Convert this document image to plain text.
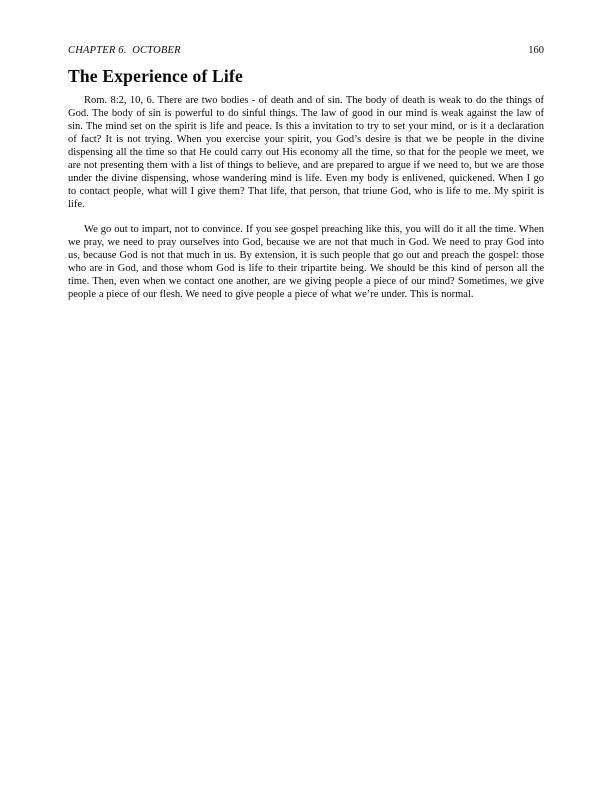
CHAPTER 6.  OCTOBER	160
The Experience of Life

Rom. 8:2, 10, 6. There are two bodies - of death and of sin. The body of death is weak to do the things of God. The body of sin is powerful to do sinful things. The law of good in our mind is weak against the law of sin. The mind set on the spirit is life and peace. Is this a invitation to try to set your mind, or is it a declaration of fact? It is not trying. When you exercise your spirit, you God’s desire is that we be people in the divine dispensing all the time so that He could carry out His economy all the time, so that for the people we meet, we are not presenting them with a list of things to believe, and are prepared to argue if we need to, but we are those under the divine dispensing, whose wandering mind is life. Even my body is enlivened, quickened. When I go to contact people, what will I give them? That life, that person, that triune God, who is life to me. My spirit is life.

We go out to impart, not to convince. If you see gospel preaching like this, you will do it all the time. When we pray, we need to pray ourselves into God, because we are not that much in God. We need to pray God into us, because God is not that much in us. By extension, it is such people that go out and preach the gospel: those who are in God, and those whom God is life to their tripartite being. We should be this kind of person all the time. Then, even when we contact one another, are we giving people a piece of our mind? Sometimes, we give people a piece of our flesh. We need to give people a piece of what we’re under. This is normal.
